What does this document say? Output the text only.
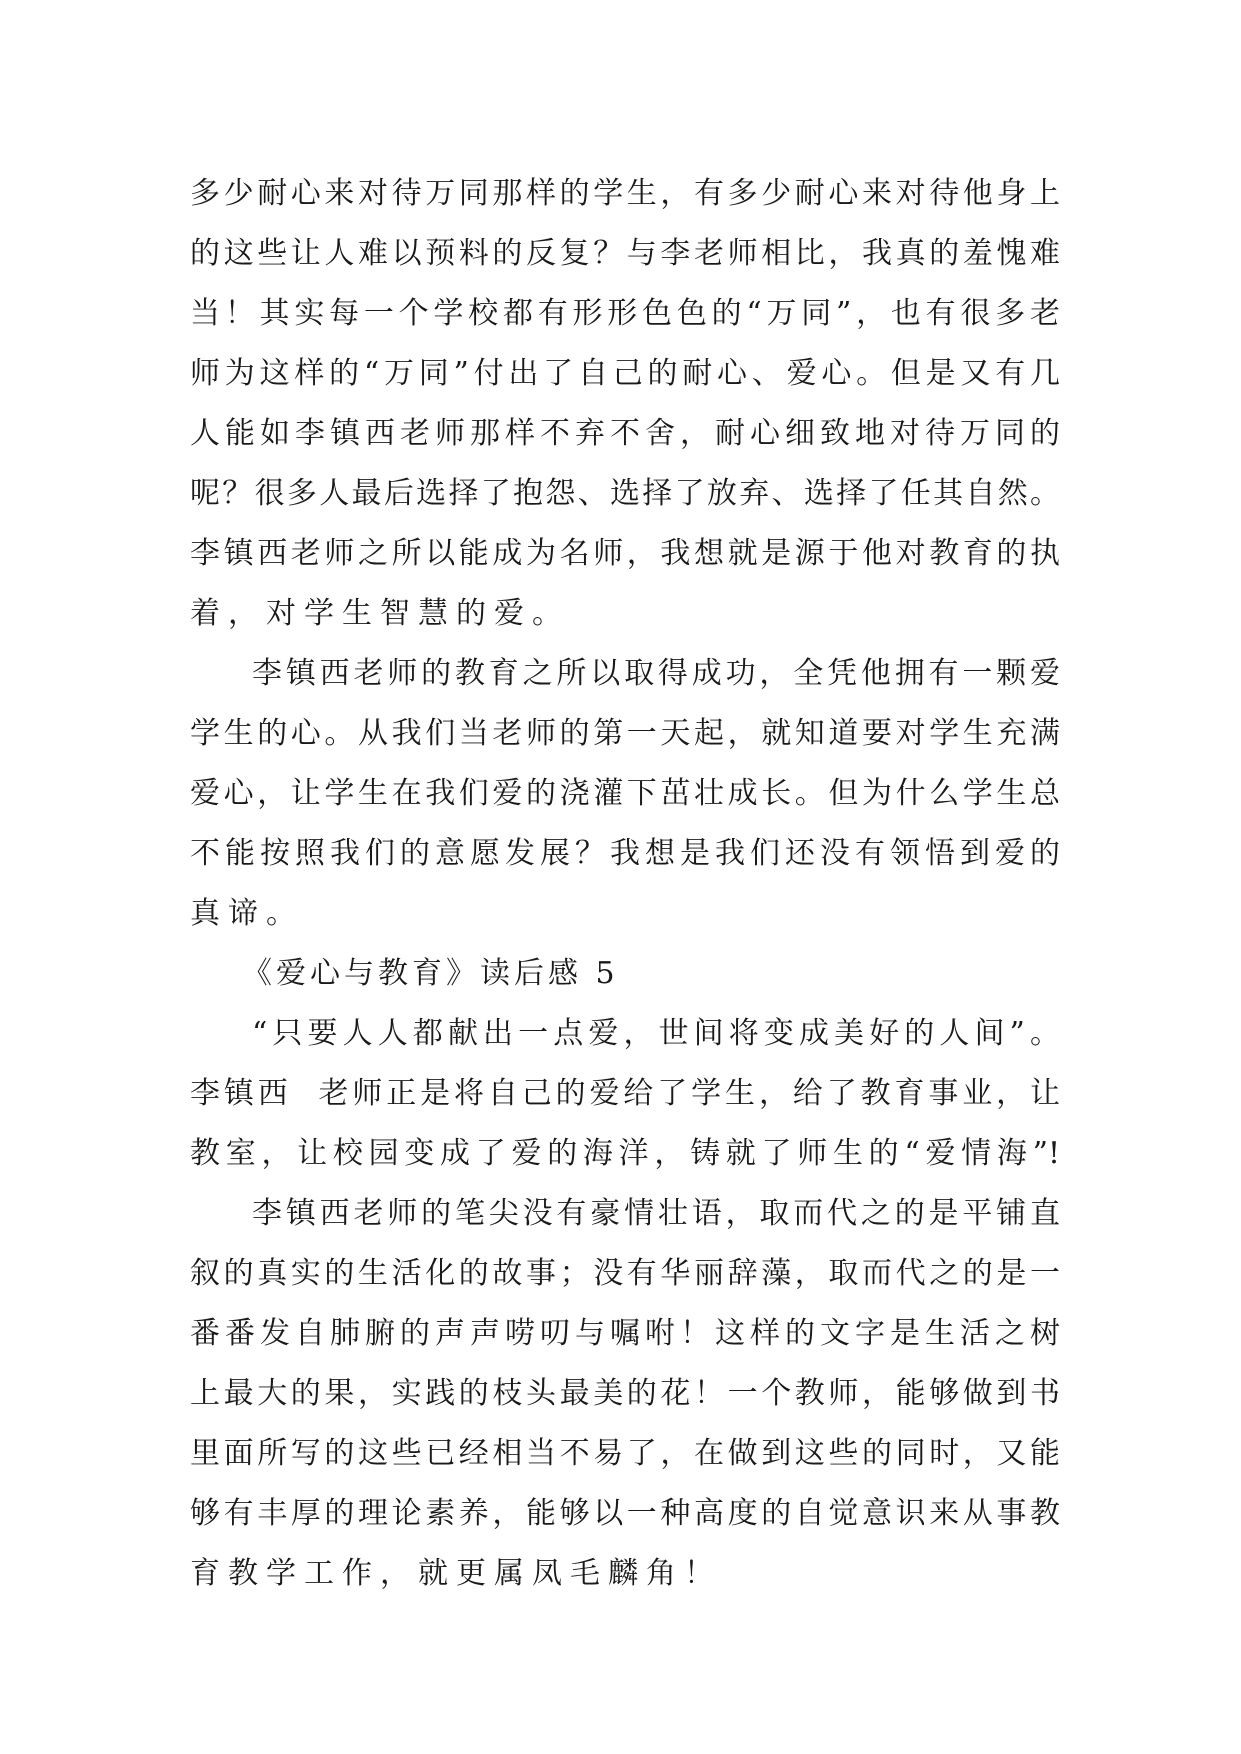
多少耐心来对待万同那样的学生，有多少耐心来对待他身上
的这些让人难以预料的反复？与李老师相比，我真的羞愧难
当！其实每一个学校都有形形色色的“万同”，也有很多老
师为这样的“万同”付出了自己的耐心、爱心。但是又有几
人能如李镇西老师那样不弃不舍，耐心细致地对待万同的
呢？很多人最后选择了抱怨、选择了放弃、选择了任其自然。
李镇西老师之所以能成为名师，我想就是源于他对教育的执
着，对学生智慧的爱。
李镇西老师的教育之所以取得成功，全凭他拥有一颗爱
学生的心。从我们当老师的第一天起，就知道要对学生充满
爱心，让学生在我们爱的浇灌下茁壮成长。但为什么学生总
不能按照我们的意愿发展？我想是我们还没有领悟到爱的
真谛。
《爱心与教育》读后感 5
“只要人人都献出一点爱，世间将变成美好的人间”。
李镇西  老师正是将自己的爱给了学生，给了教育事业，让
教室，让校园变成了爱的海洋，铸就了师生的“爱情海”!
李镇西老师的笔尖没有豪情壮语，取而代之的是平铺直
叙的真实的生活化的故事；没有华丽辞藻，取而代之的是一
番番发自肺腑的声声唠叨与嘱咐！这样的文字是生活之树
上最大的果，实践的枝头最美的花！一个教师，能够做到书
里面所写的这些已经相当不易了，在做到这些的同时，又能
够有丰厚的理论素养，能够以一种高度的自觉意识来从事教
育教学工作，就更属凤毛麟角！
